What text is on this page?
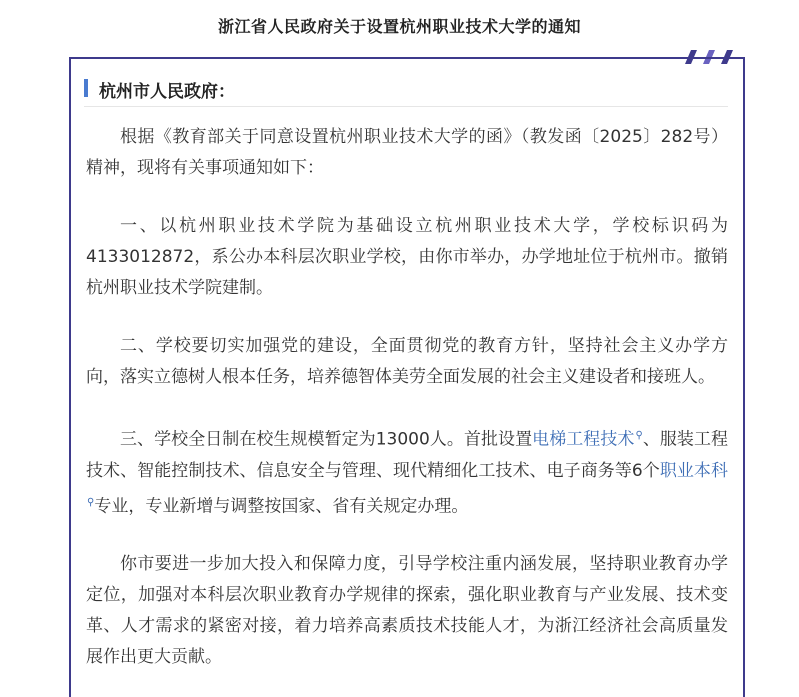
浙江省人民政府关于设置杭州职业技术大学的通知
杭州市人民政府：

根据《教育部关于同意设置杭州职业技术大学的函》（教发函〔2025〕282号）精神，现将有关事项通知如下：

一、以杭州职业技术学院为基础设立杭州职业技术大学，学校标识码为4133012872，系公办本科层次职业学校，由你市举办，办学地址位于杭州市。撤销杭州职业技术学院建制。

二、学校要切实加强党的建设，全面贯彻党的教育方针，坚持社会主义办学方向，落实立德树人根本任务，培养德智体美劳全面发展的社会主义建设者和接班人。

三、学校全日制在校生规模暂定为13000人。首批设置电梯工程技术⚲、服装工程技术、智能控制技术、信息安全与管理、现代精细化工技术、电子商务等6个职业本科⚲专业，专业新增与调整按国家、省有关规定办理。

你市要进一步加大投入和保障力度，引导学校注重内涵发展，坚持职业教育办学定位，加强对本科层次职业教育办学规律的探索，强化职业教育与产业发展、技术变革、人才需求的紧密对接，着力培养高素质技术技能人才，为浙江经济社会高质量发展作出更大贡献。
